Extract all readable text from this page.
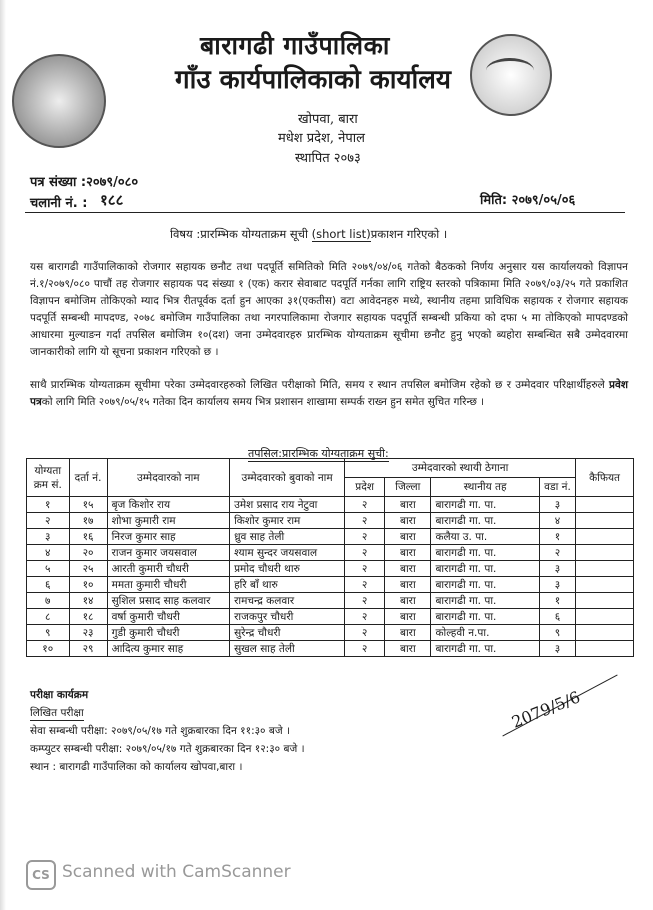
बारागढी गाउँपालिका
गाँउ कार्यपालिकाको कार्यालय
खोपवा, बारा
मधेश प्रदेश, नेपाल
स्थापित २०७३
पत्र संख्या :२०७९/०८०
चलानी नं. : १८८	मिति: २०७९/०५/०६
विषय :प्रारम्भिक योग्यताक्रम सूची (short list)प्रकाशन गरिएको ।
यस बारागढी गाउँपालिकाको रोजगार सहायक छनौट तथा पदपूर्ति समितिको मिति २०७९/०४/०६ गतेको बैठकको निर्णय अनुसार यस कार्यालयको विज्ञापन नं.१/२०७९/०८० पाचौं तह रोजगार सहायक पद संख्या १ (एक) करार सेवाबाट पदपूर्ति गर्नका लागि राष्ट्रिय स्तरको पत्रिकामा मिति २०७९/०३/२५ गते प्रकाशित विज्ञापन बमोजिम तोकिएको म्याद भित्र रीतपूर्वक दर्ता हुन आएका ३१(एकतीस) वटा आवेदनहरु मध्ये, स्थानीय तहमा प्राविधिक सहायक र रोजगार सहायक पदपूर्ति सम्बन्धी मापदण्ड, २०७८ बमोजिम गाउँपालिका तथा नगरपालिकामा रोजगार सहायक पदपूर्ति सम्बन्धी प्रकिया को दफा ५ मा तोकिएको मापदण्डको आधारमा मुल्याङन गर्दा तपसिल बमोजिम १०(दश) जना उम्मेदवारहरु प्रारम्भिक योग्यताक्रम सूचीमा छनौट हुनु भएको ब्यहोरा सम्बन्धित सबै उम्मेदवारमा जानकारीको लागि यो सूचना प्रकाशन गरिएको छ ।
साथै प्रारम्भिक योग्यताक्रम सूचीमा परेका उम्मेदवारहरुको लिखित परीक्षाको मिति, समय र स्थान तपसिल बमोजिम रहेको छ र उम्मेदवार परिक्षार्थीहरुले प्रवेश पत्रको लागि मिति २०७९/०५/१५ गतेका दिन कार्यालय समय भित्र प्रशासन शाखामा सम्पर्क राख्न हुन समेत सुचित गरिन्छ ।
तपसिल:प्रारम्भिक योग्यताक्रम सुची:
योग्यता क्रम सं.	दर्ता नं.	उम्मेदवारको नाम	उम्मेदवारको बुवाको नाम	उम्मेदवारको स्थायी ठेगाना				कैफियत
				प्रदेश	जिल्ला	स्थानीय तह	वडा नं.	
१	१५	बृज किशोर राय	उमेश प्रसाद राय नेटुवा	२	बारा	बारागढी गा. पा.	३	
२	१७	शोभा कुमारी राम	किशोर कुमार राम	२	बारा	बारागढी गा. पा.	४	
३	१६	निरज कुमार साह	ध्रुव साह तेली	२	बारा	कलैया उ. पा.	१	
४	२०	राजन कुमार जयसवाल	श्याम सुन्दर जयसवाल	२	बारा	बारागढी गा. पा.	२	
५	२५	आरती कुमारी चौधरी	प्रमोद चौधरी थारु	२	बारा	बारागढी गा. पा.	३	
६	१०	ममता कुमारी चौधरी	हरि बाँ थारु	२	बारा	बारागढी गा. पा.	३	
७	१४	सुशिल प्रसाद साह कलवार	रामचन्द्र कलवार	२	बारा	बारागढी गा. पा.	१	
८	१८	वर्षा कुमारी चौधरी	राजकपुर चौधरी	२	बारा	बारागढी गा. पा.	६	
९	२३	गुडी कुमारी चौधरी	सुरेन्द्र चौधरी	२	बारा	कोल्हवी न.पा.	९	
१०	२९	आदित्य कुमार साह	सुखल साह तेली	२	बारा	बारागढी गा. पा.	३	
परीक्षा कार्यक्रम
लिखित परीक्षा
सेवा सम्बन्धी परीक्षा: २०७९/०५/१७ गते शुक्रबारका दिन ११:३० बजे ।
कम्प्युटर सम्बन्धी परीक्षा: २०७९/०५/१७ गते शुक्रबारका दिन १२:३० बजे ।
स्थान : बारागढी गाउँपालिका को कार्यालय खोपवा,बारा ।
2079/5/6
CS Scanned with CamScanner
